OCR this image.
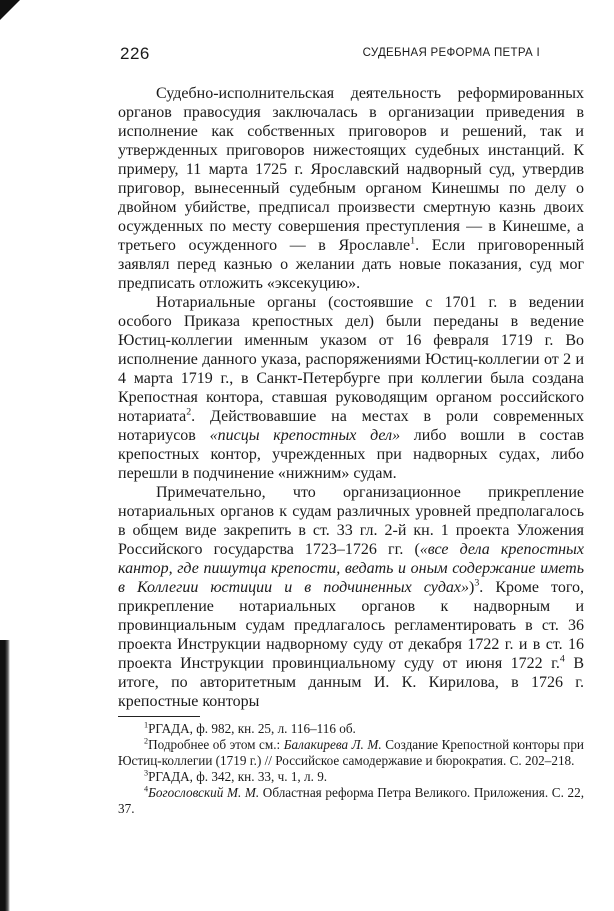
226	СУДЕБНАЯ РЕФОРМА ПЕТРА I

Судебно-исполнительская деятельность реформированных органов правосудия заключалась в организации приведения в исполнение как собственных приговоров и решений, так и утвержденных приговоров нижестоящих судебных инстанций. К примеру, 11 марта 1725 г. Ярославский надворный суд, утвердив приговор, вынесенный судебным органом Кинешмы по делу о двойном убийстве, предписал произвести смертную казнь двоих осужденных по месту совершения преступления — в Кинешме, а третьего осужденного — в Ярославле$^1$. Если приговоренный заявлял перед казнью о желании дать новые показания, суд мог предписать отложить «эксекуцию».

Нотариальные органы (состоявшие с 1701 г. в ведении особого Приказа крепостных дел) были переданы в ведение Юстиц-коллегии именным указом от 16 февраля 1719 г. Во исполнение данного указа, распоряжениями Юстиц-коллегии от 2 и 4 марта 1719 г., в Санкт-Петербурге при коллегии была создана Крепостная контора, ставшая руководящим органом российского нотариата$^2$. Действовавшие на местах в роли современных нотариусов «писцы крепостных дел» либо вошли в состав крепостных контор, учрежденных при надворных судах, либо перешли в подчинение «нижним» судам.

Примечательно, что организационное прикрепление нотариальных органов к судам различных уровней предполагалось в общем виде закрепить в ст. 33 гл. 2-й кн. 1 проекта Уложения Российского государства 1723–1726 гг. («все дела крепостных кантор, где пишутца крепости, ведать и оным содержание иметь в Коллегии юстиции и в подчиненных судах»)$^3$. Кроме того, прикрепление нотариальных органов к надворным и провинциальным судам предлагалось регламентировать в ст. 36 проекта Инструкции надворному суду от декабря 1722 г. и в ст. 16 проекта Инструкции провинциальному суду от июня 1722 г.$^4$ В итоге, по авторитетным данным И. К. Кирилова, в 1726 г. крепостные конторы

$^1$РГАДА, ф. 982, кн. 25, л. 116–116 об.

$^2$Подробнее об этом см.: Балакирева Л. М. Создание Крепостной конторы при Юстиц-коллегии (1719 г.) // Российское самодержавие и бюрократия. С. 202–218.

$^3$РГАДА, ф. 342, кн. 33, ч. 1, л. 9.

$^4$Богословский М. М. Областная реформа Петра Великого. Приложения. С. 22, 37.
